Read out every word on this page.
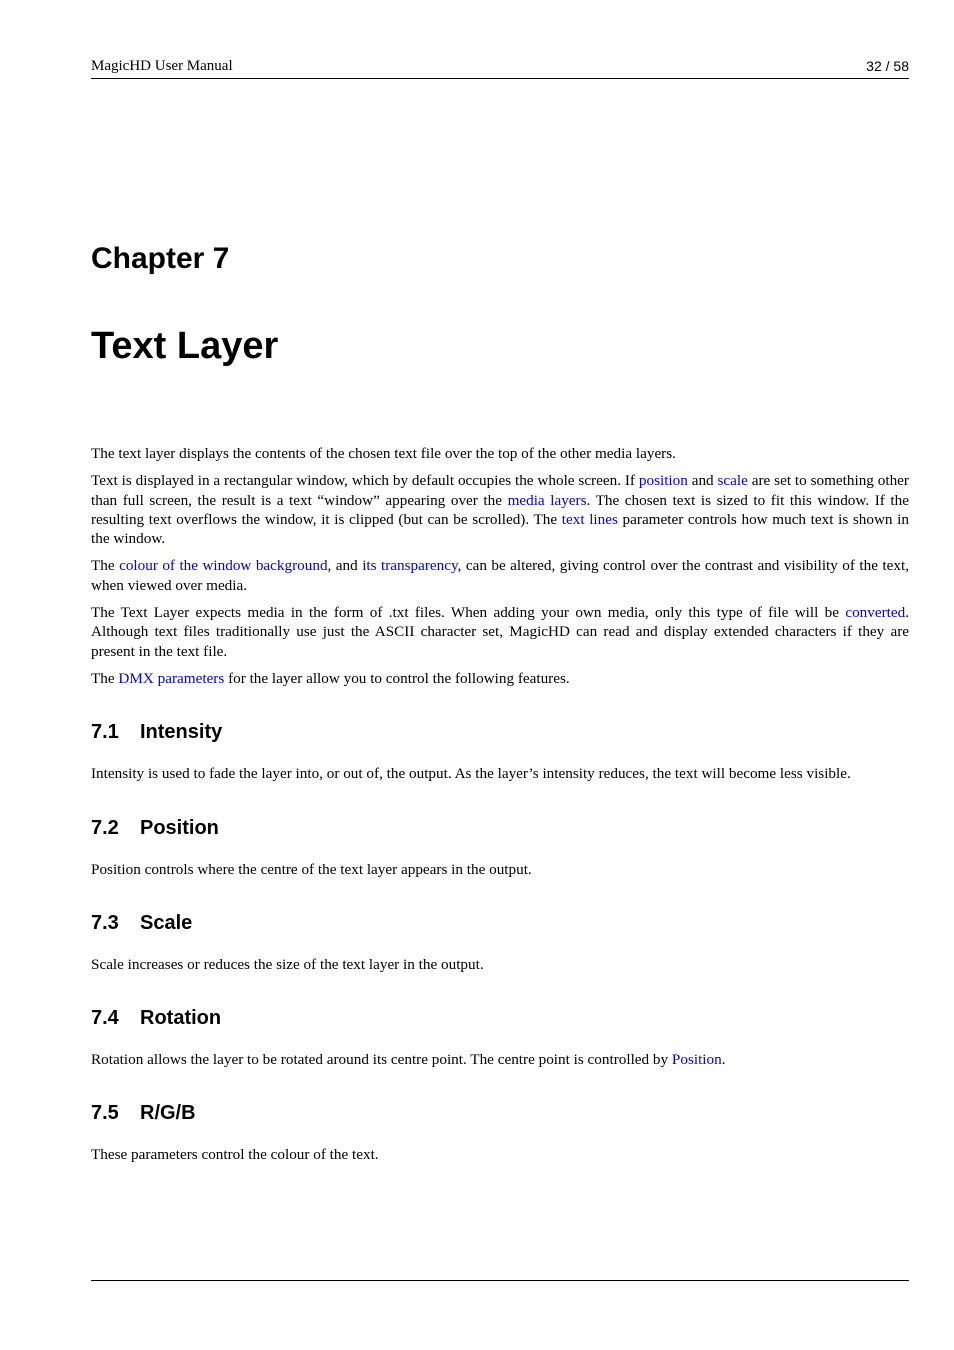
MagicHD User Manual	32 / 58
Chapter 7
Text Layer

The text layer displays the contents of the chosen text file over the top of the other media layers.

Text is displayed in a rectangular window, which by default occupies the whole screen. If position and scale are set to something other than full screen, the result is a text “window” appearing over the media layers. The chosen text is sized to fit this window. If the resulting text overflows the window, it is clipped (but can be scrolled). The text lines parameter controls how much text is shown in the window.

The colour of the window background, and its transparency, can be altered, giving control over the contrast and visibility of the text, when viewed over media.

The Text Layer expects media in the form of .txt files. When adding your own media, only this type of file will be converted. Although text files traditionally use just the ASCII character set, MagicHD can read and display extended characters if they are present in the text file.

The DMX parameters for the layer allow you to control the following features.

7.1 Intensity

Intensity is used to fade the layer into, or out of, the output. As the layer’s intensity reduces, the text will become less visible.

7.2 Position

Position controls where the centre of the text layer appears in the output.

7.3 Scale

Scale increases or reduces the size of the text layer in the output.

7.4 Rotation

Rotation allows the layer to be rotated around its centre point. The centre point is controlled by Position.

7.5 R/G/B

These parameters control the colour of the text.
